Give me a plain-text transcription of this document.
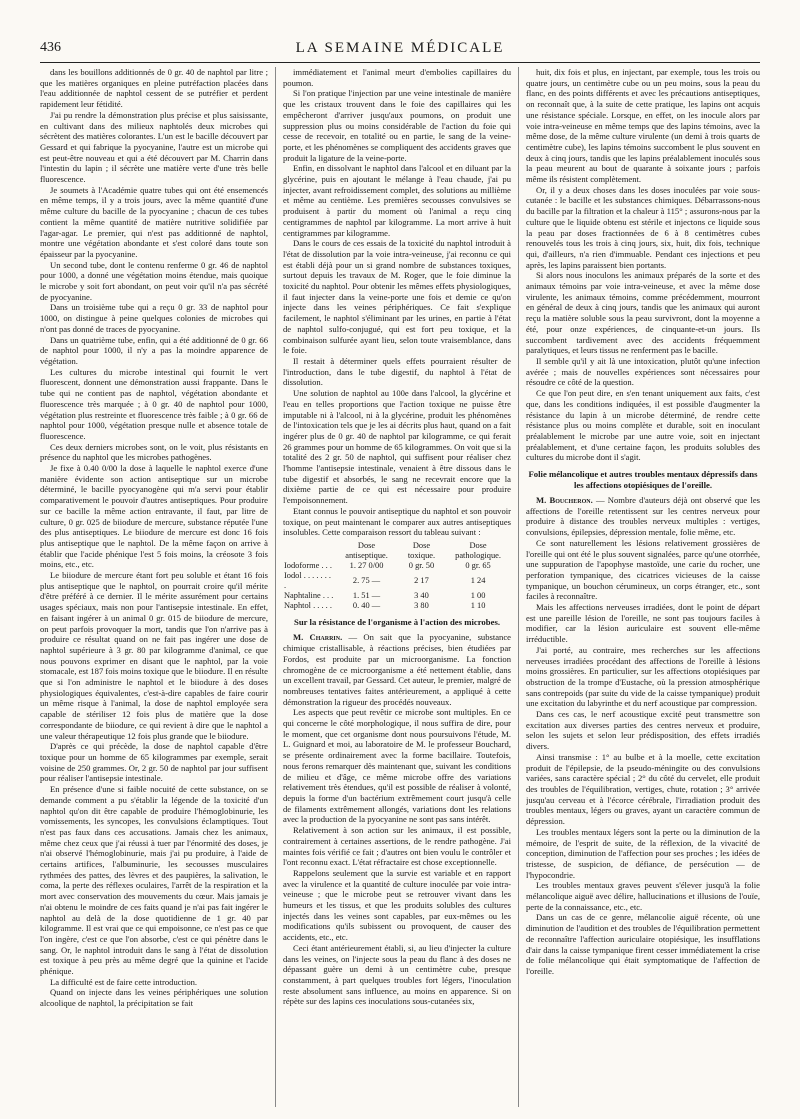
436	LA SEMAINE MÉDICALE

dans les bouillons additionnés de 0 gr. 40 de naphtol par litre ; que les matières organiques en pleine putréfaction placées dans l'eau additionnée de naphtol cessent de se putréfier et perdent rapidement leur fétidité.

J'ai pu rendre la démonstration plus précise et plus saisissante, en cultivant dans des milieux naphtolés deux microbes qui sécrètent des matières colorantes. L'un est le bacille découvert par Gessard et qui fabrique la pyocyanine, l'autre est un microbe qui est peut-être nouveau et qui a été découvert par M. Charrin dans l'intestin du lapin ; il sécrète une matière verte d'une très belle fluorescence.

Je soumets à l'Académie quatre tubes qui ont été ensemencés en même temps, il y a trois jours, avec la même quantité d'une même culture du bacille de la pyocyanine ; chacun de ces tubes contient la même quantité de matière nutritive solidifiée par l'agar-agar. Le premier, qui n'est pas additionné de naphtol, montre une végétation abondante et s'est coloré dans toute son épaisseur par la pyocyanine.

Un second tube, dont le contenu renferme 0 gr. 46 de naphtol pour 1000, a donné une végétation moins étendue, mais quoique le microbe y soit fort abondant, on peut voir qu'il n'a pas sécrété de pyocyanine.

Dans un troisième tube qui a reçu 0 gr. 33 de naphtol pour 1000, on distingue à peine quelques colonies de microbes qui n'ont pas donné de traces de pyocyanine.

Dans un quatrième tube, enfin, qui a été additionné de 0 gr. 66 de naphtol pour 1000, il n'y a pas la moindre apparence de végétation.

Les cultures du microbe intestinal qui fournit le vert fluorescent, donnent une démonstration aussi frappante. Dans le tube qui ne contient pas de naphtol, végétation abondante et fluorescence très marquée ; à 0 gr. 40 de naphtol pour 1000, végétation plus restreinte et fluorescence très faible ; à 0 gr. 66 de naphtol pour 1000, végétation presque nulle et absence totale de fluorescence.

Ces deux derniers microbes sont, on le voit, plus résistants en présence du naphtol que les microbes pathogènes.

Je fixe à 0.40 0/00 la dose à laquelle le naphtol exerce d'une manière évidente son action antiseptique sur un microbe déterminé, le bacille pyocyanogène qui m'a servi pour établir comparativement le pouvoir d'autres antiseptiques. Pour produire sur ce bacille la même action entravante, il faut, par litre de culture, 0 gr. 025 de biiodure de mercure, substance réputée l'une des plus antiseptiques. Le biiodure de mercure est donc 16 fois plus antiseptique que le naphtol. De la même façon on arrive à établir que l'acide phénique l'est 5 fois moins, la créosote 3 fois moins, etc., etc.

Le biiodure de mercure étant fort peu soluble et étant 16 fois plus antiseptique que le naphtol, on pourrait croire qu'il mérite d'être préféré à ce dernier. Il le mérite assurément pour certains usages spéciaux, mais non pour l'antisepsie intestinale. En effet, en faisant ingérer à un animal 0 gr. 015 de biiodure de mercure, on peut parfois provoquer la mort, tandis que l'on n'arrive pas à produire ce résultat quand on ne fait pas ingérer une dose de naphtol supérieure à 3 gr. 80 par kilogramme d'animal, ce que nous pouvons exprimer en disant que le naphtol, par la voie stomacale, est 187 fois moins toxique que le biiodure. Il en résulte que si l'on administre le naphtol et le biiodure à des doses physiologiques équivalentes, c'est-à-dire capables de faire courir un même risque à l'animal, la dose de naphtol employée sera capable de stériliser 12 fois plus de matière que la dose correspondante de biiodure, ce qui revient à dire que le naphtol a une valeur thérapeutique 12 fois plus grande que le biiodure.

D'après ce qui précède, la dose de naphtol capable d'être toxique pour un homme de 65 kilogrammes par exemple, serait voisine de 250 grammes. Or, 2 gr. 50 de naphtol par jour suffisent pour réaliser l'antisepsie intestinale.

En présence d'une si faible nocuité de cette substance, on se demande comment a pu s'établir la légende de la toxicité d'un naphtol qu'on dit être capable de produire l'hémoglobinurie, les vomissements, les syncopes, les convulsions éclamptiques. Tout n'est pas faux dans ces accusations. Jamais chez les animaux, même chez ceux que j'ai réussi à tuer par l'énormité des doses, je n'ai observé l'hémoglobinurie, mais j'ai pu produire, à l'aide de certains artifices, l'albuminurie, les secousses musculaires rythmées des pattes, des lèvres et des paupières, la salivation, le coma, la perte des réflexes oculaires, l'arrêt de la respiration et la mort avec conservation des mouvements du cœur. Mais jamais je n'ai obtenu le moindre de ces faits quand je n'ai pas fait ingérer le naphtol au delà de la dose quotidienne de 1 gr. 40 par kilogramme. Il est vrai que ce qui empoisonne, ce n'est pas ce que l'on ingère, c'est ce que l'on absorbe, c'est ce qui pénètre dans le sang. Or, le naphtol introduit dans le sang à l'état de dissolution est toxique à peu près au même degré que la quinine et l'acide phénique.

La difficulté est de faire cette introduction.

Quand on injecte dans les veines périphériques une solution alcoolique de naphtol, la précipitation se fait

immédiatement et l'animal meurt d'embolies capillaires du poumon.

Si l'on pratique l'injection par une veine intestinale de manière que les cristaux trouvent dans le foie des capillaires qui les empêcheront d'arriver jusqu'aux poumons, on produit une suppression plus ou moins considérable de l'action du foie qui cesse de recevoir, en totalité ou en partie, le sang de la veine-porte, et les phénomènes se compliquent des accidents graves que produit la ligature de la veine-porte.

Enfin, en dissolvant le naphtol dans l'alcool et en diluant par la glycérine, puis en ajoutant le mélange à l'eau chaude, j'ai pu injecter, avant refroidissement complet, des solutions au millième et même au centième. Les premières secousses convulsives se produisent à partir du moment où l'animal a reçu cinq centigrammes de naphtol par kilogramme. La mort arrive à huit centigrammes par kilogramme.

Dans le cours de ces essais de la toxicité du naphtol introduit à l'état de dissolution par la voie intra-veineuse, j'ai reconnu ce qui est établi déjà pour un si grand nombre de substances toxiques, surtout depuis les travaux de M. Roger, que le foie diminue la toxicité du naphtol. Pour obtenir les mêmes effets physiologiques, il faut injecter dans la veine-porte une fois et demie ce qu'on injecte dans les veines périphériques. Ce fait s'explique facilement, le naphtol s'éliminant par les urines, en partie à l'état de naphtol sulfo-conjugué, qui est fort peu toxique, et la combinaison sulfurée ayant lieu, selon toute vraisemblance, dans le foie.

Il restait à déterminer quels effets pourraient résulter de l'introduction, dans le tube digestif, du naphtol à l'état de dissolution.

Une solution de naphtol au 100e dans l'alcool, la glycérine et l'eau en telles proportions que l'action toxique ne puisse être imputable ni à l'alcool, ni à la glycérine, produit les phénomènes de l'intoxication tels que je les ai décrits plus haut, quand on a fait ingérer plus de 0 gr. 40 de naphtol par kilogramme, ce qui ferait 26 grammes pour un homme de 65 kilogrammes. On voit que si la totalité des 2 gr. 50 de naphtol, qui suffisent pour réaliser chez l'homme l'antisepsie intestinale, venaient à être dissous dans le tube digestif et absorbés, le sang ne recevrait encore que la dixième partie de ce qui est nécessaire pour produire l'empoisonnement.

Etant connus le pouvoir antiseptique du naphtol et son pouvoir toxique, on peut maintenant le comparer aux autres antiseptiques insolubles. Cette comparaison ressort du tableau suivant :

	Dose antiseptique.	Dose toxique.	Dose pathologique.
Iodoforme . . .	1. 27 0/00	0 gr. 50	0 gr. 65
Iodol . . . . . . . .	2. 75 —	2 17	1 24
Naphtaline . . .	1. 51 —	3 40	1 00
Naphtol . . . . .	0. 40 —	3 80	1 10
Sur la résistance de l'organisme à l'action des microbes.

M. Charrin. — On sait que la pyocyanine, substance chimique cristallisable, à réactions précises, bien étudiées par Fordos, est produite par un microorganisme. La fonction chromogène de ce microorganisme a été nettement établie, dans un excellent travail, par Gessard. Cet auteur, le premier, malgré de nombreuses tentatives faites antérieurement, a appliqué à cette démonstration la rigueur des procédés nouveaux.

Les aspects que peut revêtir ce microbe sont multiples. En ce qui concerne le côté morphologique, il nous suffira de dire, pour le moment, que cet organisme dont nous poursuivons l'étude, M. L. Guignard et moi, au laboratoire de M. le professeur Bouchard, se présente ordinairement avec la forme bacillaire. Toutefois, nous ferons remarquer dès maintenant que, suivant les conditions de milieu et d'âge, ce même microbe offre des variations relativement très étendues, qu'il est possible de réaliser à volonté, depuis la forme d'un bactérium extrêmement court jusqu'à celle de filaments extrêmement allongés, variations dont les relations avec la production de la pyocyanine ne sont pas sans intérêt.

Relativement à son action sur les animaux, il est possible, contrairement à certaines assertions, de le rendre pathogène. J'ai maintes fois vérifié ce fait ; d'autres ont bien voulu le contrôler et l'ont reconnu exact. L'état réfractaire est chose exceptionnelle.

Rappelons seulement que la survie est variable et en rapport avec la virulence et la quantité de culture inoculée par voie intra-veineuse ; que le microbe peut se retrouver vivant dans les humeurs et les tissus, et que les produits solubles des cultures injectés dans les veines sont capables, par eux-mêmes ou les modifications qu'ils subissent ou provoquent, de causer des accidents, etc., etc.

Ceci étant antérieurement établi, si, au lieu d'injecter la culture dans les veines, on l'injecte sous la peau du flanc à des doses ne dépassant guère un demi à un centimètre cube, presque constamment, à part quelques troubles fort légers, l'inoculation reste absolument sans influence, au moins en apparence. Si on répète sur des lapins ces inoculations sous-cutanées six,

huit, dix fois et plus, en injectant, par exemple, tous les trois ou quatre jours, un centimètre cube ou un peu moins, sous la peau du flanc, en des points différents et avec les précautions antiseptiques, on reconnaît que, à la suite de cette pratique, les lapins ont acquis une résistance spéciale. Lorsque, en effet, on les inocule alors par voie intra-veineuse en même temps que des lapins témoins, avec la même dose, de la même culture virulente (un demi à trois quarts de centimètre cube), les lapins témoins succombent le plus souvent en deux à cinq jours, tandis que les lapins préalablement inoculés sous la peau meurent au bout de quarante à soixante jours ; parfois même ils résistent complètement.

Or, il y a deux choses dans les doses inoculées par voie sous-cutanée : le bacille et les substances chimiques. Débarrassons-nous du bacille par la filtration et la chaleur à 115° ; assurons-nous par la culture que le liquide obtenu est stérile et injectons ce liquide sous la peau par doses fractionnées de 6 à 8 centimètres cubes renouvelés tous les trois à cinq jours, six, huit, dix fois, technique qui, d'ailleurs, n'a rien d'immuable. Pendant ces injections et peu après, les lapins paraissent bien portants.

Si alors nous inoculons les animaux préparés de la sorte et des animaux témoins par voie intra-veineuse, et avec la même dose virulente, les animaux témoins, comme précédemment, mourront en général de deux à cinq jours, tandis que les animaux qui auront reçu la matière soluble sous la peau survivront, dont la moyenne a été, pour onze expériences, de cinquante-et-un jours. Ils succombent tardivement avec des accidents fréquemment paralytiques, et leurs tissus ne renferment pas le bacille.

Il semble qu'il y ait là une intoxication, plutôt qu'une infection avérée ; mais de nouvelles expériences sont nécessaires pour résoudre ce côté de la question.

Ce que l'on peut dire, en s'en tenant uniquement aux faits, c'est que, dans les conditions indiquées, il est possible d'augmenter la résistance du lapin à un microbe déterminé, de rendre cette résistance plus ou moins complète et durable, soit en inoculant préalablement le microbe par une autre voie, soit en injectant préalablement, et d'une certaine façon, les produits solubles des cultures du microbe dont il s'agit.

Folie mélancolique et autres troubles mentaux dépressifs dans les affections otopiésiques de l'oreille.

M. Boucheron. — Nombre d'auteurs déjà ont observé que les affections de l'oreille retentissent sur les centres nerveux pour produire à distance des troubles nerveux multiples : vertiges, convulsions, épilepsies, dépression mentale, folie même, etc.

Ce sont naturellement les lésions relativement grossières de l'oreille qui ont été le plus souvent signalées, parce qu'une otorrhée, une suppuration de l'apophyse mastoïde, une carie du rocher, une perforation tympanique, des cicatrices vicieuses de la caisse tympanique, un bouchon cérumineux, un corps étranger, etc., sont faciles à reconnaître.

Mais les affections nerveuses irradiées, dont le point de départ est une pareille lésion de l'oreille, ne sont pas toujours faciles à modifier, car la lésion auriculaire est souvent elle-même irréductible.

J'ai porté, au contraire, mes recherches sur les affections nerveuses irradiées procédant des affections de l'oreille à lésions moins grossières. En particulier, sur les affections otopiésiques par obstruction de la trompe d'Eustache, où la pression atmosphérique sans contrepoids (par suite du vide de la caisse tympanique) produit une excitation du labyrinthe et du nerf acoustique par compression.

Dans ces cas, le nerf acoustique excité peut transmettre son excitation aux diverses parties des centres nerveux et produire, selon les sujets et selon leur prédisposition, des effets irradiés divers.

Ainsi transmise : 1° au bulbe et à la moelle, cette excitation produit de l'épilepsie, de la pseudo-méningite ou des convulsions variées, sans caractère spécial ; 2° du côté du cervelet, elle produit des troubles de l'équilibration, vertiges, chute, rotation ; 3° arrivée jusqu'au cerveau et à l'écorce cérébrale, l'irradiation produit des troubles mentaux, légers ou graves, ayant un caractère commun de dépression.

Les troubles mentaux légers sont la perte ou la diminution de la mémoire, de l'esprit de suite, de la réflexion, de la vivacité de conception, diminution de l'affection pour ses proches ; les idées de tristesse, de suspicion, de défiance, de persécution — de l'hypocondrie.

Les troubles mentaux graves peuvent s'élever jusqu'à la folie mélancolique aiguë avec délire, hallucinations et illusions de l'ouïe, perte de la connaissance, etc., etc.

Dans un cas de ce genre, mélancolie aiguë récente, où une diminution de l'audition et des troubles de l'équilibration permettent de reconnaître l'affection auriculaire otopiésique, les insufflations d'air dans la caisse tympanique firent cesser immédiatement la crise de folie mélancolique qui était symptomatique de l'affection de l'oreille.
